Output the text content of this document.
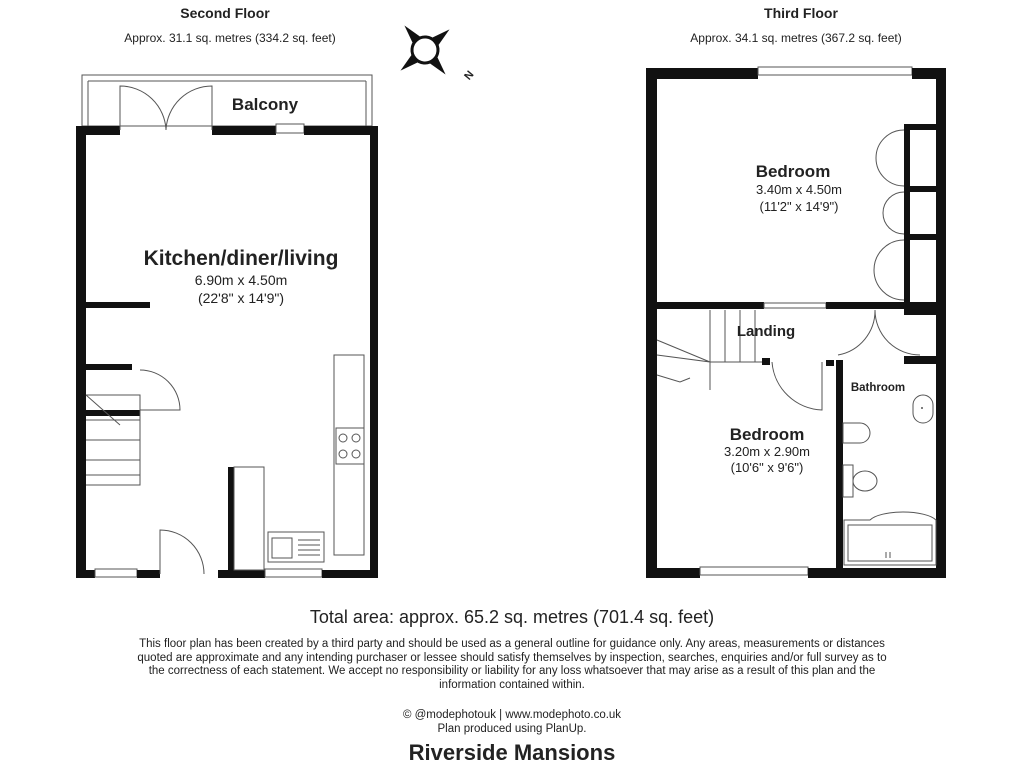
Second Floor
Approx. 31.1 sq. metres (334.2 sq. feet)
Third Floor
Approx. 34.1 sq. metres (367.2 sq. feet)
N
Balcony
Kitchen/diner/living
6.90m x 4.50m
(22'8" x 14'9")
Bedroom
3.40m x 4.50m
(11'2" x 14'9")
Landing
Bathroom
Bedroom
3.20m x 2.90m
(10'6" x 9'6")
Total area: approx. 65.2 sq. metres (701.4 sq. feet)
This floor plan has been created by a third party and should be used as a general outline for guidance only. Any areas, measurements or distances quoted are approximate and any intending purchaser or lessee should satisfy themselves by inspection, searches, enquiries and/or full survey as to the correctness of each statement. We accept no responsibility or liability for any loss whatsoever that may arise as a result of this plan and the information contained within.
© @modephotouk | www.modephoto.co.uk
Plan produced using PlanUp.
Riverside Mansions
